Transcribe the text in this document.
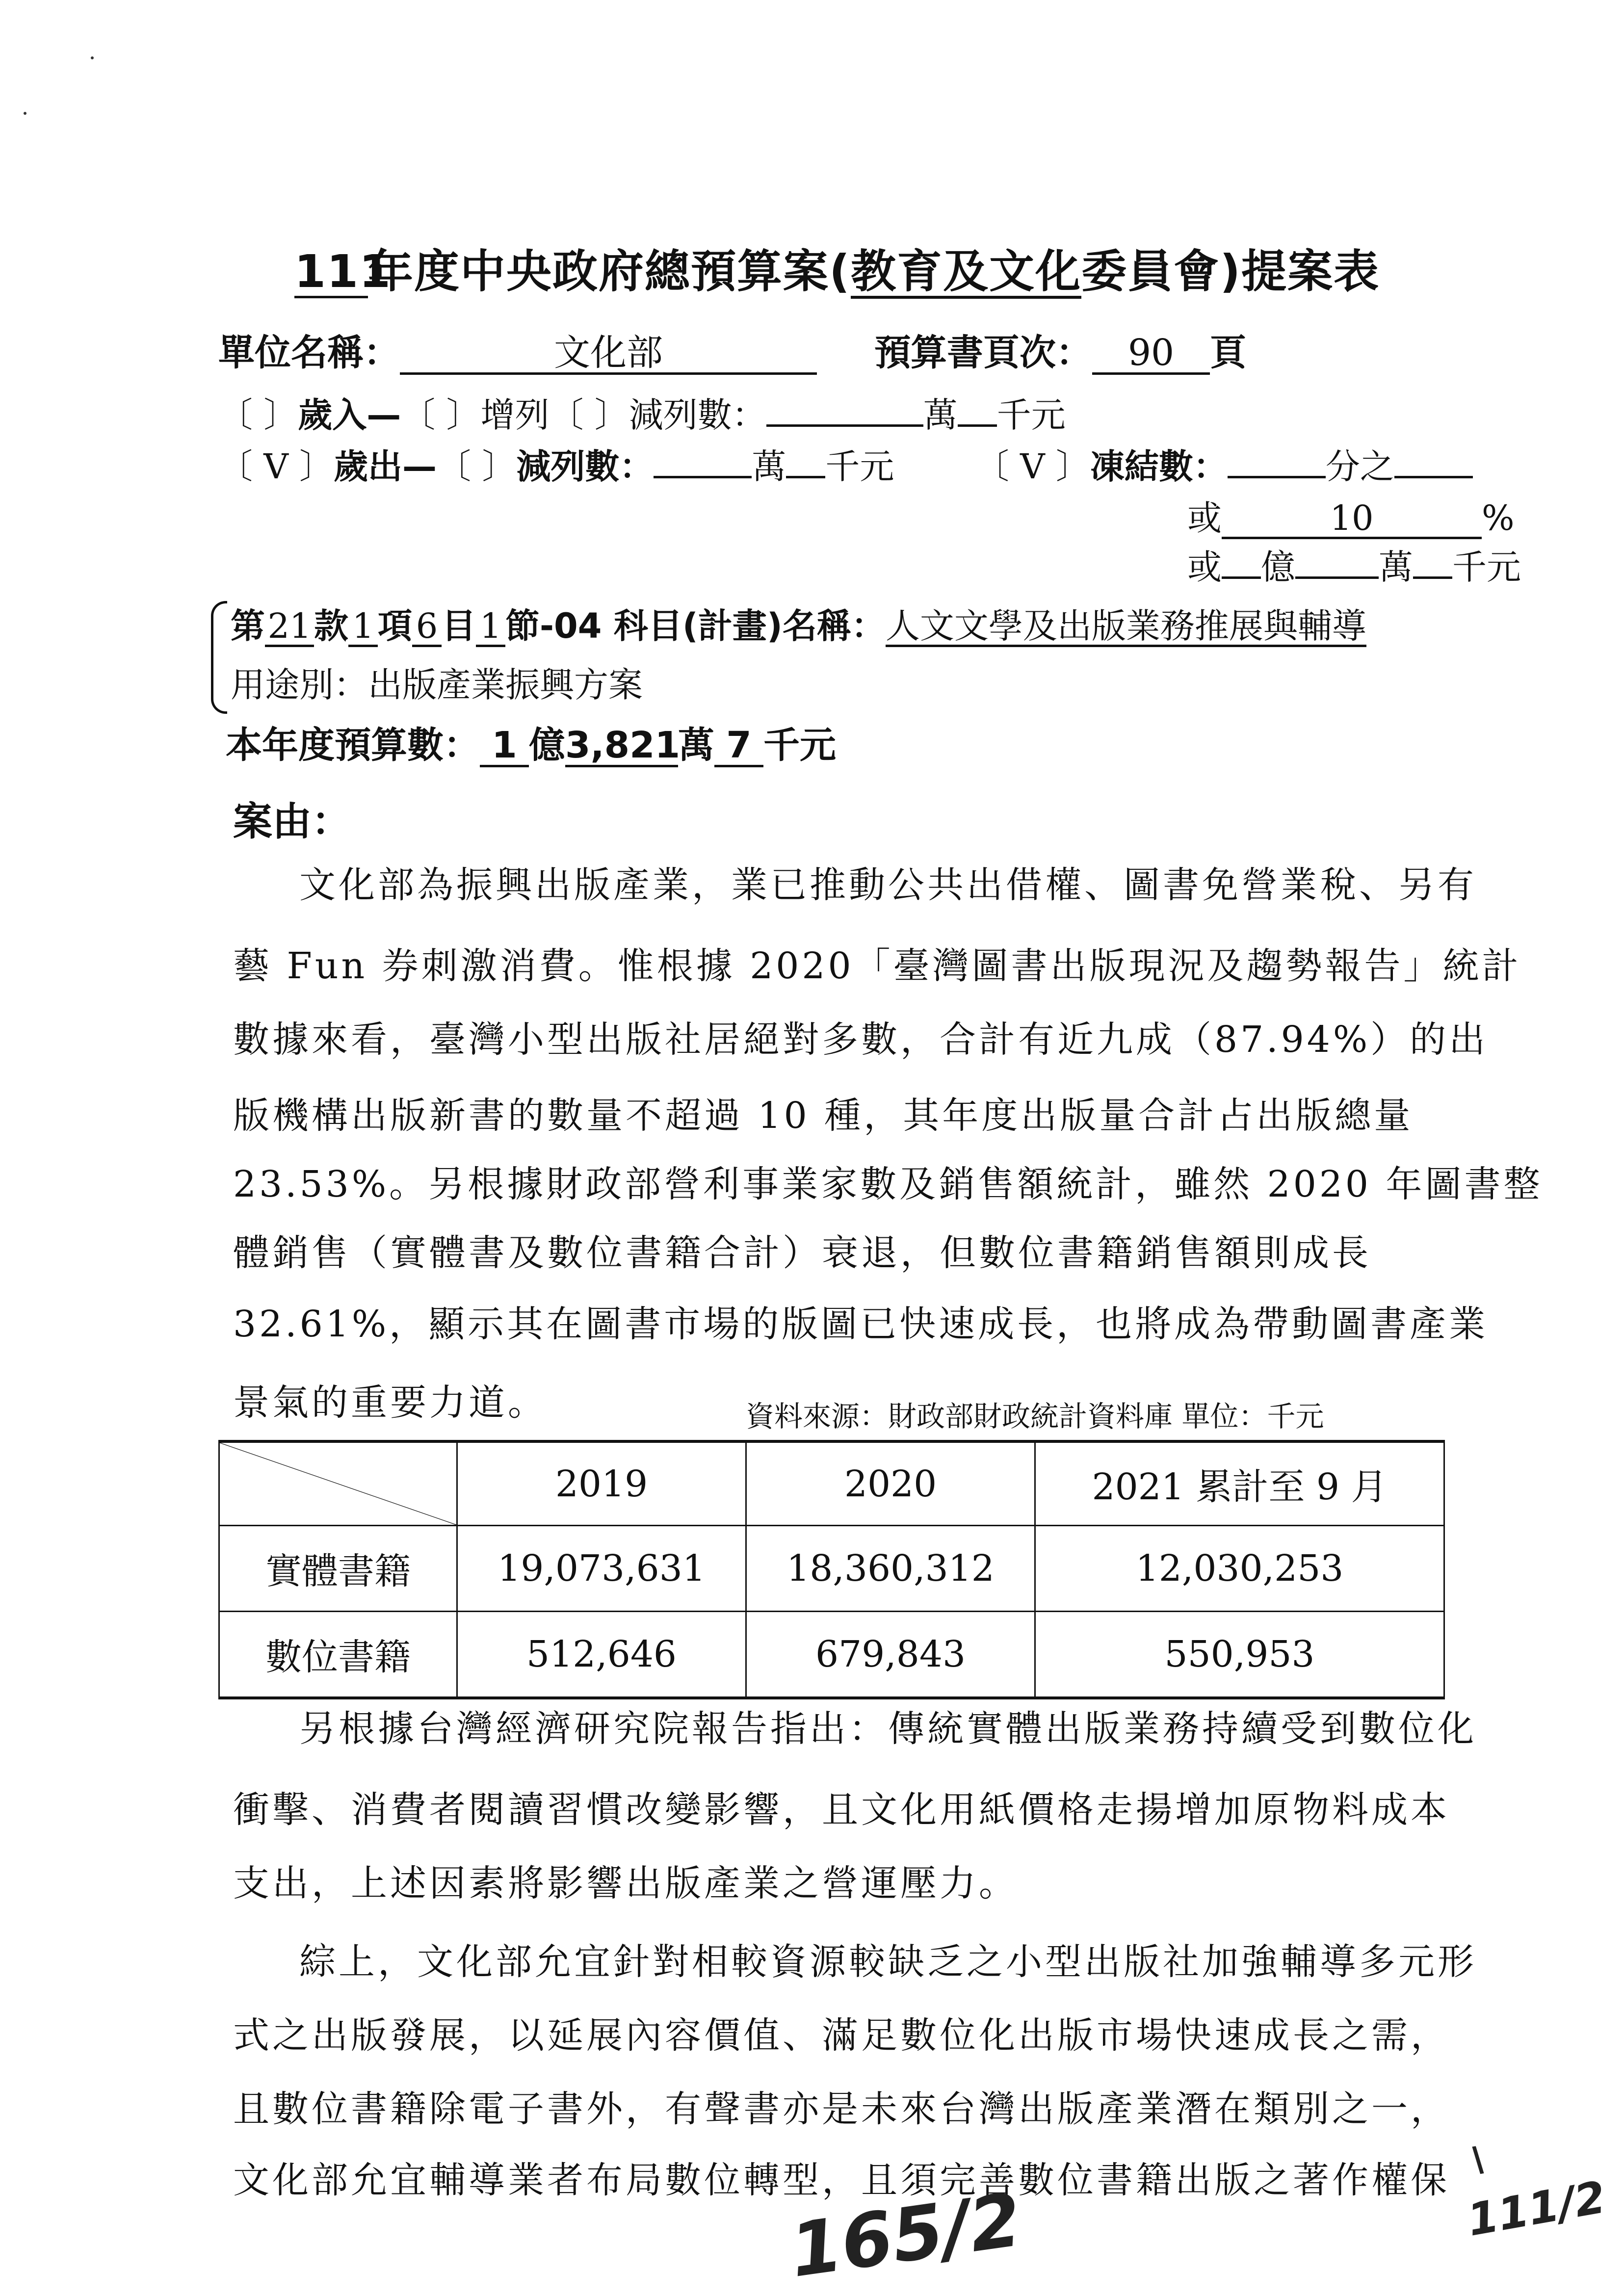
111年度中央政府總預算案(教育及文化委員會)提案表
單位名稱：	文化部	預算書頁次： 90 頁
〔 〕歲入—〔 〕增列〔 〕減列數：	萬 千元
〔 V 〕歲出—〔 〕減列數：	萬 千元 〔 V 〕凍結數：	分之
或	10	%
或 億 萬 千元
第21款 1 項 6 目 1 節-04 科目(計畫)名稱：人文文學及出版業務推展與輔導
用途別：出版產業振興方案
本年度預算數： 1 億3,821萬 7 千元
案由：
文化部為振興出版產業，業已推動公共出借權、圖書免營業稅、另有
藝 Fun 券刺激消費。惟根據 2020「臺灣圖書出版現況及趨勢報告」統計
數據來看，臺灣小型出版社居絕對多數，合計有近九成（87.94%）的出
版機構出版新書的數量不超過 10 種，其年度出版量合計占出版總量
23.53%。另根據財政部營利事業家數及銷售額統計，雖然 2020 年圖書整
體銷售（實體書及數位書籍合計）衰退，但數位書籍銷售額則成長
32.61%，顯示其在圖書市場的版圖已快速成長，也將成為帶動圖書產業
景氣的重要力道。	資料來源：財政部財政統計資料庫 單位：千元
	2019	2020	2021 累計至 9 月
實體書籍	19,073,631	18,360,312	12,030,253
數位書籍	512,646	679,843	550,953
另根據台灣經濟研究院報告指出：傳統實體出版業務持續受到數位化
衝擊、消費者閱讀習慣改變影響，且文化用紙價格走揚增加原物料成本
支出，上述因素將影響出版產業之營運壓力。
綜上，文化部允宜針對相較資源較缺乏之小型出版社加強輔導多元形
式之出版發展，以延展內容價值、滿足數位化出版市場快速成長之需，
且數位書籍除電子書外，有聲書亦是未來台灣出版產業潛在類別之一，
文化部允宜輔導業者布局數位轉型，且須完善數位書籍出版之著作權保
165/2
\
111/2
